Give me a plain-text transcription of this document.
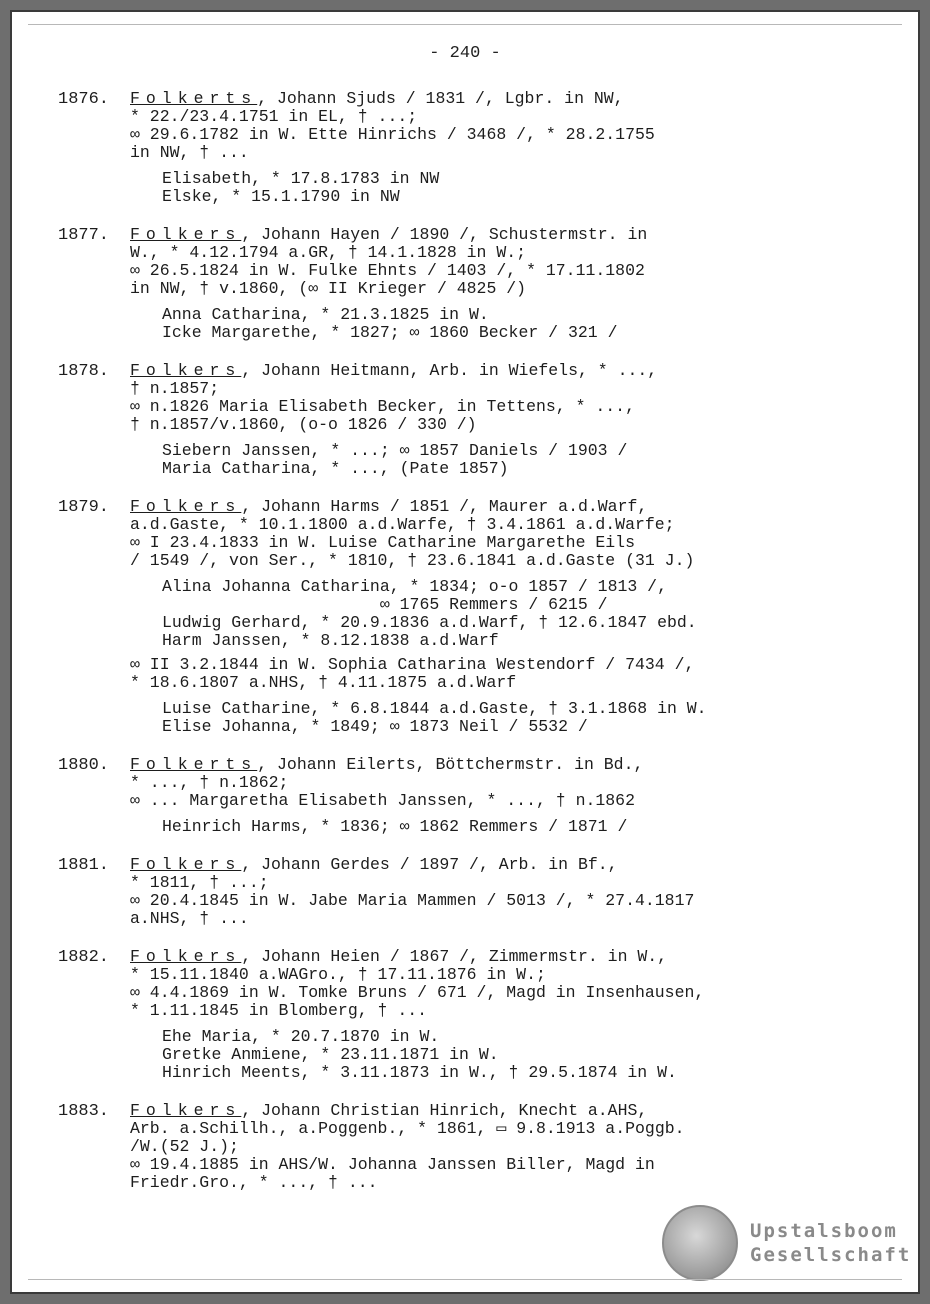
- 240 -
1876. Folkerts, Johann Sjuds / 1831 /, Lgbr. in NW,
* 22./23.4.1751 in EL, † ...;
∞ 29.6.1782 in W. Ette Hinrichs / 3468 /, * 28.2.1755
in NW, † ...
Elisabeth, * 17.8.1783 in NW
Elske, * 15.1.1790 in NW
1877. Folkers, Johann Hayen / 1890 /, Schustermstr. in
W., * 4.12.1794 a.GR, † 14.1.1828 in W.;
∞ 26.5.1824 in W. Fulke Ehnts / 1403 /, * 17.11.1802
in NW, † v.1860, (∞ II Krieger / 4825 /)
Anna Catharina, * 21.3.1825 in W.
Icke Margarethe, * 1827; ∞ 1860 Becker / 321 /
1878. Folkers, Johann Heitmann, Arb. in Wiefels, * ...,
† n.1857;
∞ n.1826 Maria Elisabeth Becker, in Tettens, * ...,
† n.1857/v.1860, (o-o 1826 / 330 /)
Siebern Janssen, * ...; ∞ 1857 Daniels / 1903 /
Maria Catharina, * ..., (Pate 1857)
1879. Folkers, Johann Harms / 1851 /, Maurer a.d.Warf,
a.d.Gaste, * 10.1.1800 a.d.Warfe, † 3.4.1861 a.d.Warfe;
∞ I 23.4.1833 in W. Luise Catharine Margarethe Eils
/ 1549 /, von Ser., * 1810, † 23.6.1841 a.d.Gaste (31 J.)
Alina Johanna Catharina, * 1834; o-o 1857 / 1813 /,
∞ 1765 Remmers / 6215 /
Ludwig Gerhard, * 20.9.1836 a.d.Warf, † 12.6.1847 ebd.
Harm Janssen, * 8.12.1838 a.d.Warf
∞ II 3.2.1844 in W. Sophia Catharina Westendorf / 7434 /,
* 18.6.1807 a.NHS, † 4.11.1875 a.d.Warf
Luise Catharine, * 6.8.1844 a.d.Gaste, † 3.1.1868 in W.
Elise Johanna, * 1849; ∞ 1873 Neil / 5532 /
1880. Folkerts, Johann Eilerts, Böttchermstr. in Bd.,
* ..., † n.1862;
∞ ... Margaretha Elisabeth Janssen, * ..., † n.1862
Heinrich Harms, * 1836; ∞ 1862 Remmers / 1871 /
1881. Folkers, Johann Gerdes / 1897 /, Arb. in Bf.,
* 1811, † ...;
∞ 20.4.1845 in W. Jabe Maria Mammen / 5013 /, * 27.4.1817
a.NHS, † ...
1882. Folkers, Johann Heien / 1867 /, Zimmermstr. in W.,
* 15.11.1840 a.WAGro., † 17.11.1876 in W.;
∞ 4.4.1869 in W. Tomke Bruns / 671 /, Magd in Insenhausen,
* 1.11.1845 in Blomberg, † ...
Ehe Maria, * 20.7.1870 in W.
Gretke Anmiene, * 23.11.1871 in W.
Hinrich Meents, * 3.11.1873 in W., † 29.5.1874 in W.
1883. Folkers, Johann Christian Hinrich, Knecht a.AHS,
Arb. a.Schillh., a.Poggenb., * 1861, ▭ 9.8.1913 a.Poggb.
/W.(52 J.);
∞ 19.4.1885 in AHS/W. Johanna Janssen Biller, Magd in
Friedr.Gro., * ..., † ...
Upstalsboom
Gesellschaft
